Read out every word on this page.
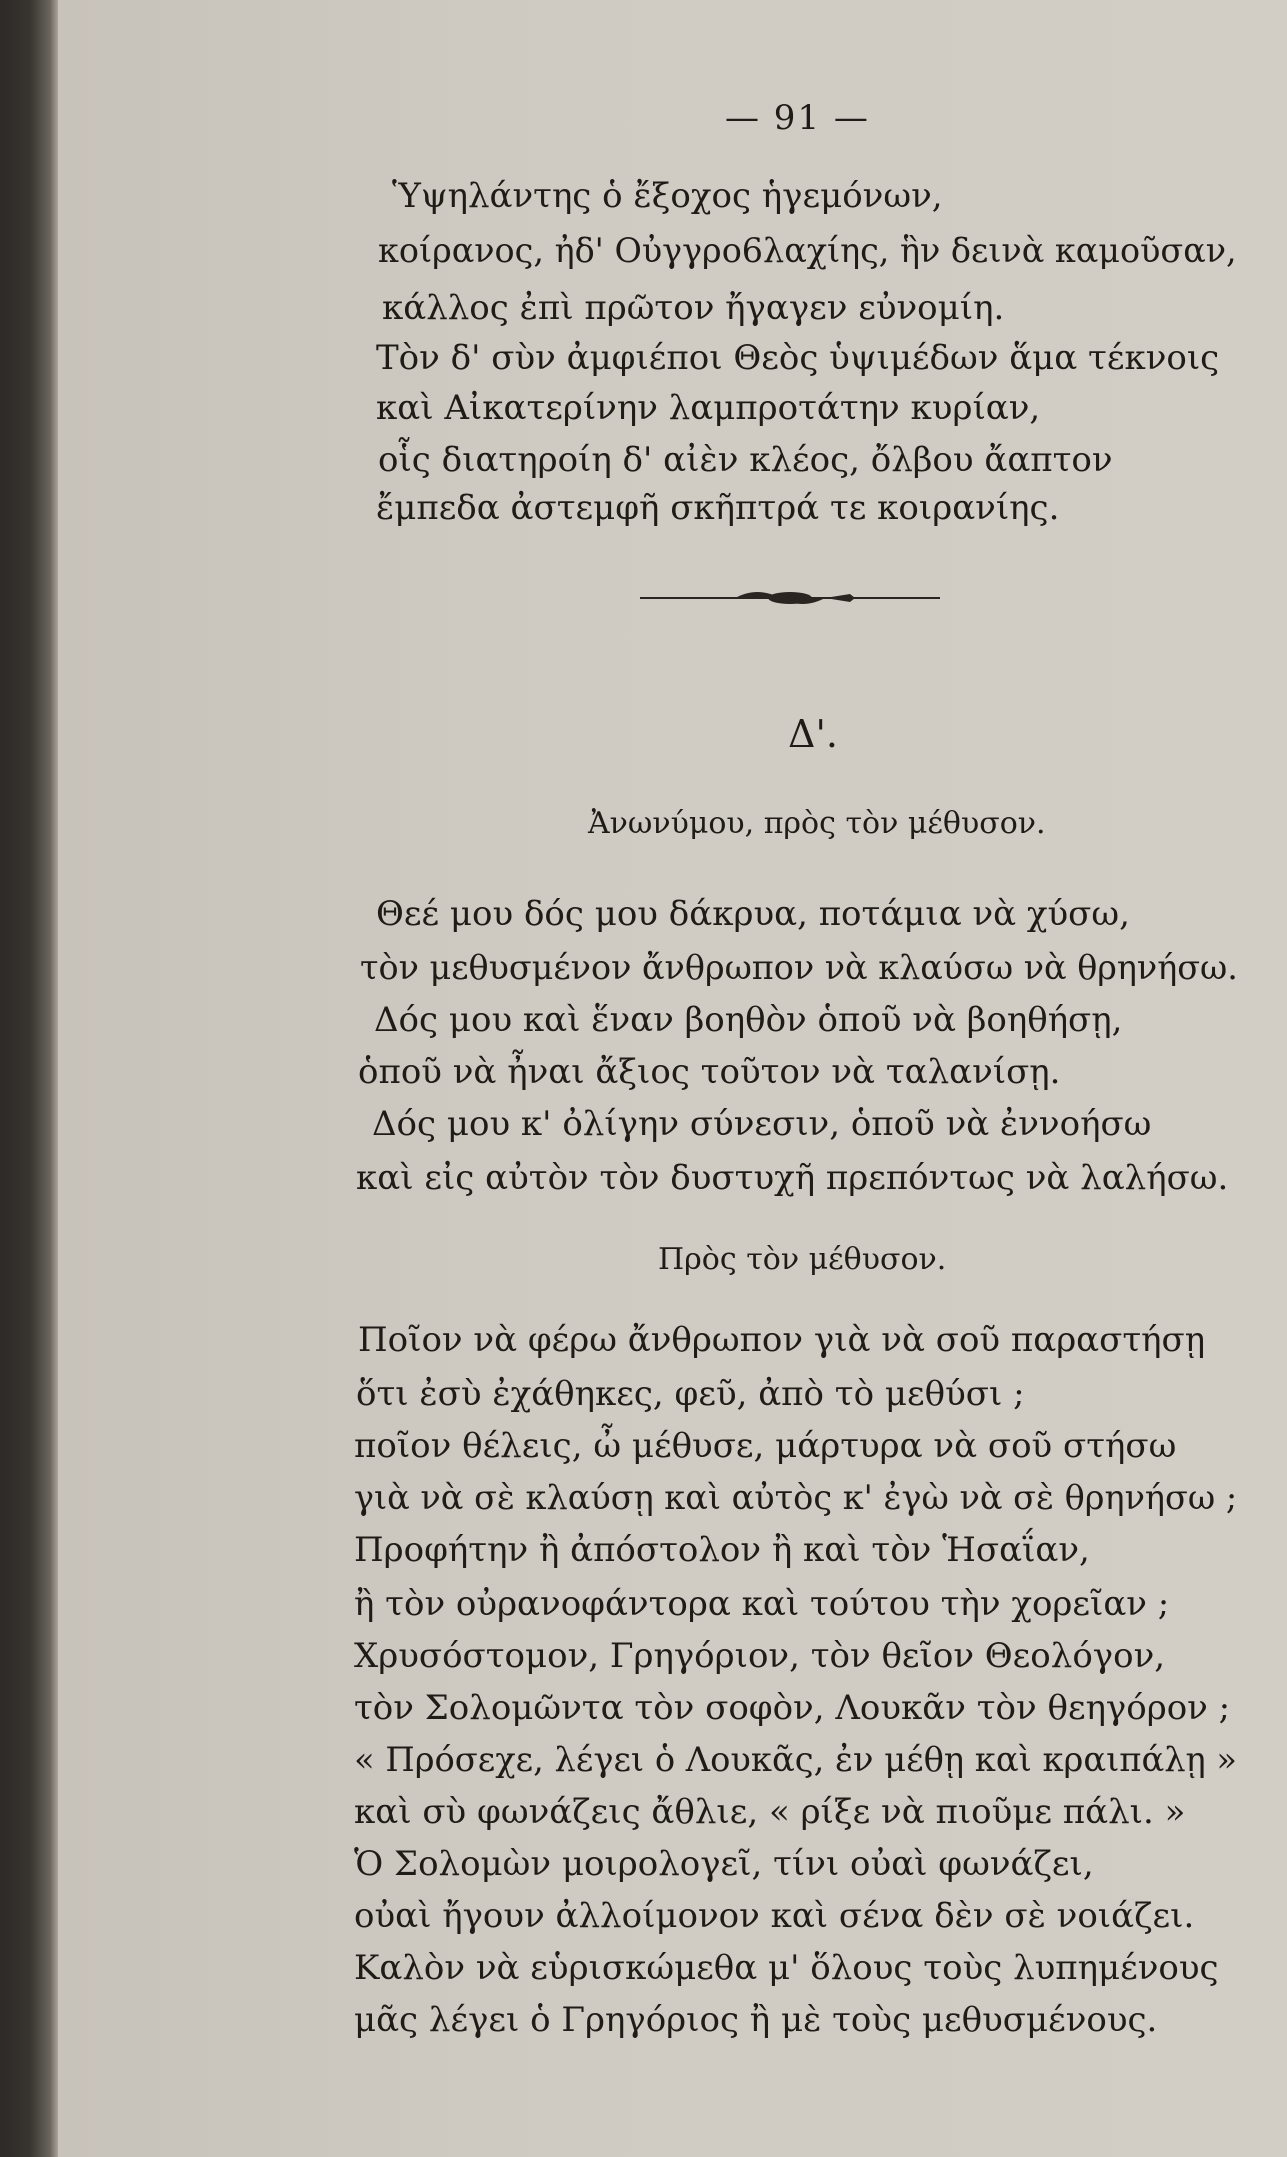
— 91 —
Ὑψηλάντης ὁ ἔξοχος ἡγεμόνων,
κοίρανος, ἠδ' Οὐγγρο6λαχίης, ἣν δεινὰ καμοῦσαν,
κάλλος ἐπὶ πρῶτον ἤγαγεν εὐνομίη.
Τὸν δ' σὺν ἀμφιέποι Θεὸς ὑψιμέδων ἅμα τέκνοις
καὶ Αἰκατερίνην λαμπροτάτην κυρίαν,
οἷς διατηροίη δ' αἰὲν κλέος, ὄλβου ἄαπτον
ἔμπεδα ἀστεμφῆ σκῆπτρά τε κοιρανίης.
Δ'.
Ἀνωνύμου, πρὸς τὸν μέθυσον.
Θεέ μου δός μου δάκρυα, ποτάμια νὰ χύσω,
τὸν μεθυσμένον ἄνθρωπον νὰ κλαύσω νὰ θρηνήσω.
Δός μου καὶ ἕναν βοηθὸν ὁποῦ νὰ βοηθήσῃ,
ὁποῦ νὰ ἦναι ἄξιος τοῦτον νὰ ταλανίσῃ.
Δός μου κ' ὀλίγην σύνεσιν, ὁποῦ νὰ ἐννοήσω
καὶ εἰς αὐτὸν τὸν δυστυχῆ πρεπόντως νὰ λαλήσω.
Πρὸς τὸν μέθυσον.
Ποῖον νὰ φέρω ἄνθρωπον γιὰ νὰ σοῦ παραστήσῃ
ὅτι ἐσὺ ἐχάθηκες, φεῦ, ἀπὸ τὸ μεθύσι ;
ποῖον θέλεις, ὦ μέθυσε, μάρτυρα νὰ σοῦ στήσω
γιὰ νὰ σὲ κλαύσῃ καὶ αὐτὸς κ' ἐγὼ νὰ σὲ θρηνήσω ;
Προφήτην ἢ ἀπόστολον ἢ καὶ τὸν Ἡσαΐαν,
ἢ τὸν οὐρανοφάντορα καὶ τούτου τὴν χορεῖαν ;
Χρυσόστομον, Γρηγόριον, τὸν θεῖον Θεολόγον,
τὸν Σολομῶντα τὸν σοφὸν, Λουκᾶν τὸν θεηγόρον ;
« Πρόσεχε, λέγει ὁ Λουκᾶς, ἐν μέθῃ καὶ κραιπάλῃ »
καὶ σὺ φωνάζεις ἄθλιε, « ρίξε νὰ πιοῦμε πάλι. »
Ὁ Σολομὼν μοιρολογεῖ, τίνι οὐαὶ φωνάζει,
οὐαὶ ἤγουν ἀλλοίμονον καὶ σένα δὲν σὲ νοιάζει.
Καλὸν νὰ εὑρισκώμεθα μ' ὅλους τοὺς λυπημένους
μᾶς λέγει ὁ Γρηγόριος ἢ μὲ τοὺς μεθυσμένους.
